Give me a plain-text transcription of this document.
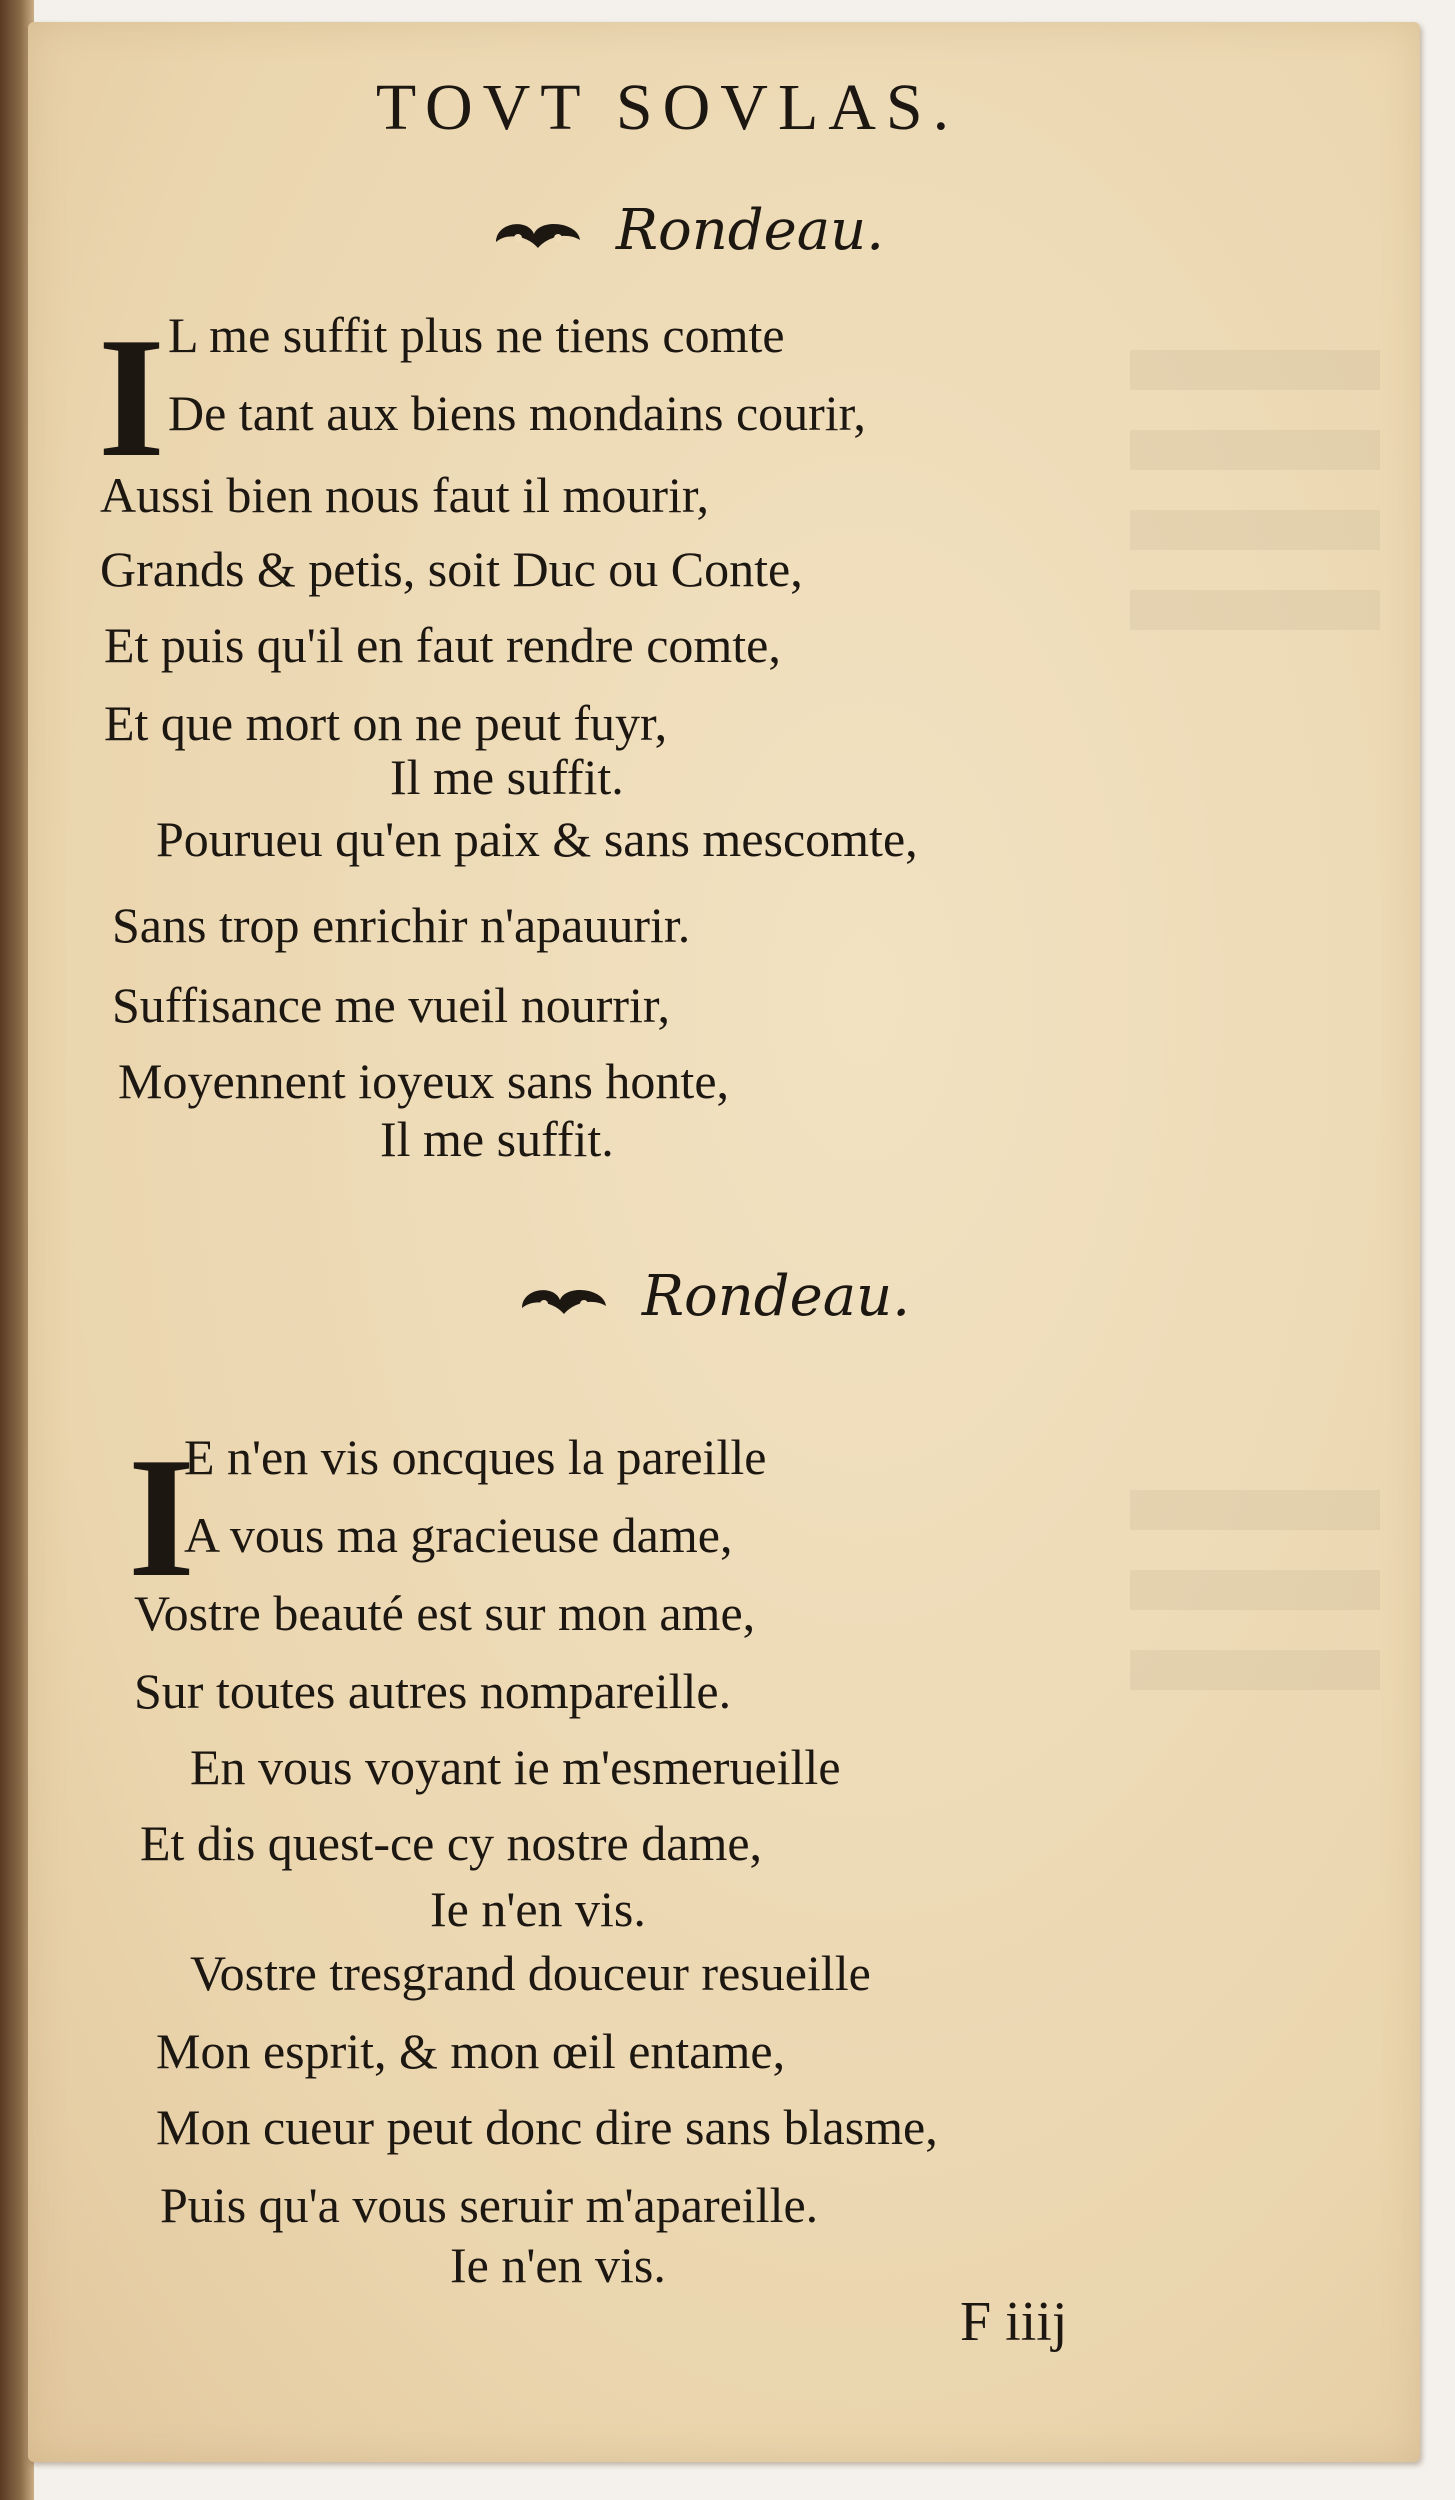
TOVT SOVLAS.
Rondeau.
I L me suffit plus ne tiens comte
De tant aux biens mondains courir,
Aussi bien nous faut il mourir,
Grands & petis, soit Duc ou Conte,
Et puis qu'il en faut rendre comte,
Et que mort on ne peut fuyr,
Il me suffit.
Pourueu qu'en paix & sans mescomte,
Sans trop enrichir n'apauurir.
Suffisance me vueil nourrir,
Moyennent ioyeux sans honte,
Il me suffit.
Rondeau.
I
E n'en vis oncques la pareille
A vous ma gracieuse dame,
Vostre beauté est sur mon ame,
Sur toutes autres nompareille.
En vous voyant ie m'esmerueille
Et dis quest-ce cy nostre dame,
Ie n'en vis.
Vostre tresgrand douceur resueille
Mon esprit, & mon œil entame,
Mon cueur peut donc dire sans blasme,
Puis qu'a vous seruir m'apareille.
Ie n'en vis.
F iiij
